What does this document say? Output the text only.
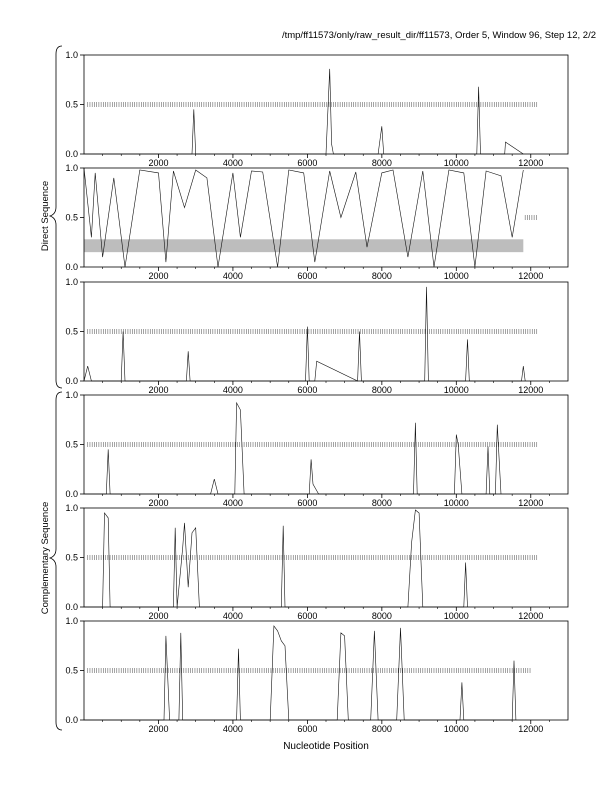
/tmp/ff11573/only/raw_result_dir/ff11573, Order 5, Window 96, Step 12, 2/2
0.0
0.5
1.0
2000	4000	6000	8000	10000	12000
0.0
0.5
1.0
2000	4000	6000	8000	10000	12000
0.0
0.5
1.0
2000	4000	6000	8000	10000	12000
0.0
0.5
1.0
2000	4000	6000	8000	10000	12000
0.0
0.5
1.0
2000	4000	6000	8000	10000	12000
0.0
0.5
1.0
2000	4000	6000	8000	10000	12000
Direct Sequence
Complementary Sequence
Nucleotide Position
